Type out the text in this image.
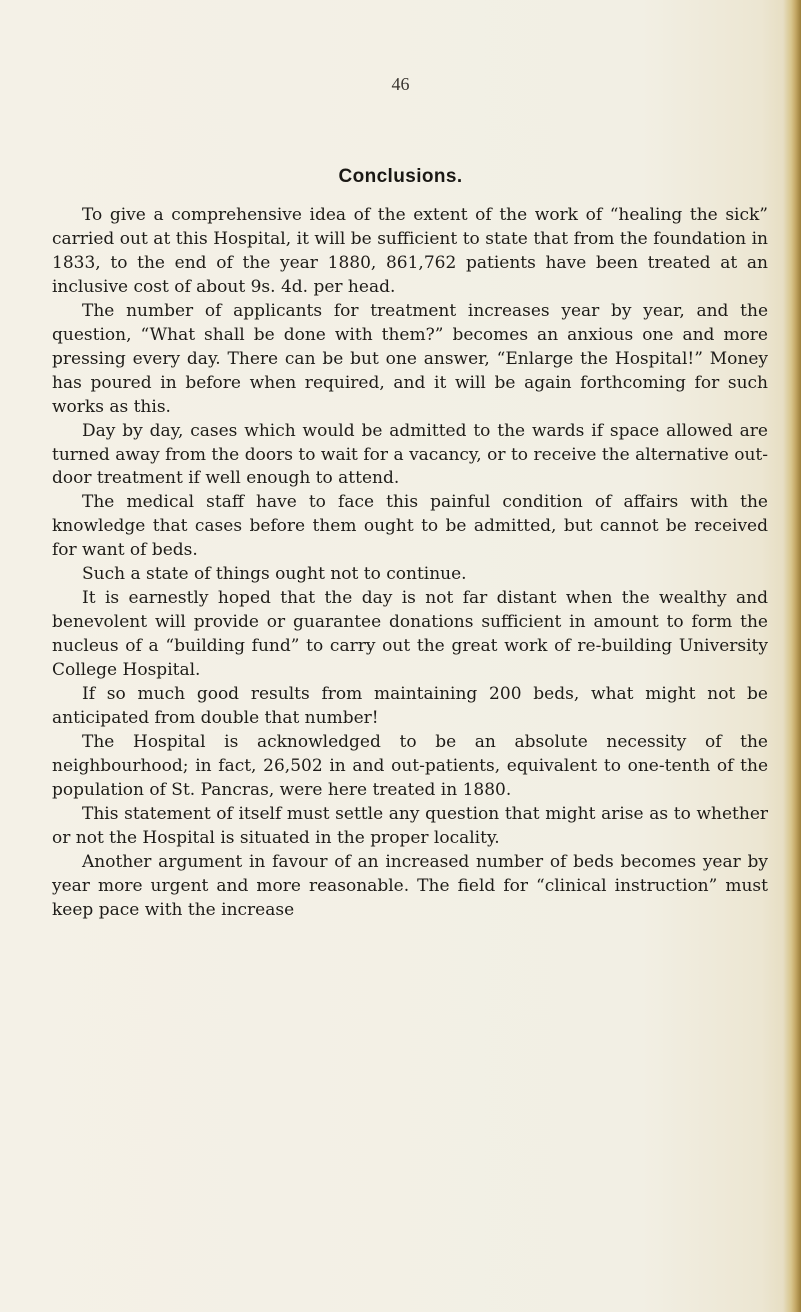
46
Conclusions.

To give a comprehensive idea of the extent of the work of “healing the sick” carried out at this Hospital, it will be sufficient to state that from the foundation in 1833, to the end of the year 1880, 861,762 patients have been treated at an inclusive cost of about 9s. 4d. per head.

The number of applicants for treatment increases year by year, and the question, “What shall be done with them?” becomes an anxious one and more pressing every day. There can be but one answer, “Enlarge the Hospital!” Money has poured in before when required, and it will be again forthcoming for such works as this.

Day by day, cases which would be admitted to the wards if space allowed are turned away from the doors to wait for a vacancy, or to receive the alternative out-door treatment if well enough to attend.

The medical staff have to face this painful condition of affairs with the knowledge that cases before them ought to be admitted, but cannot be received for want of beds.

Such a state of things ought not to continue.

It is earnestly hoped that the day is not far distant when the wealthy and benevolent will provide or guarantee donations sufficient in amount to form the nucleus of a “building fund” to carry out the great work of re-building University College Hospital.

If so much good results from maintaining 200 beds, what might not be anticipated from double that number!

The Hospital is acknowledged to be an absolute necessity of the neighbourhood; in fact, 26,502 in and out-patients, equivalent to one-tenth of the population of St. Pancras, were here treated in 1880.

This statement of itself must settle any question that might arise as to whether or not the Hospital is situated in the proper locality.

Another argument in favour of an increased number of beds becomes year by year more urgent and more reasonable. The field for “clinical instruction” must keep pace with the increase
